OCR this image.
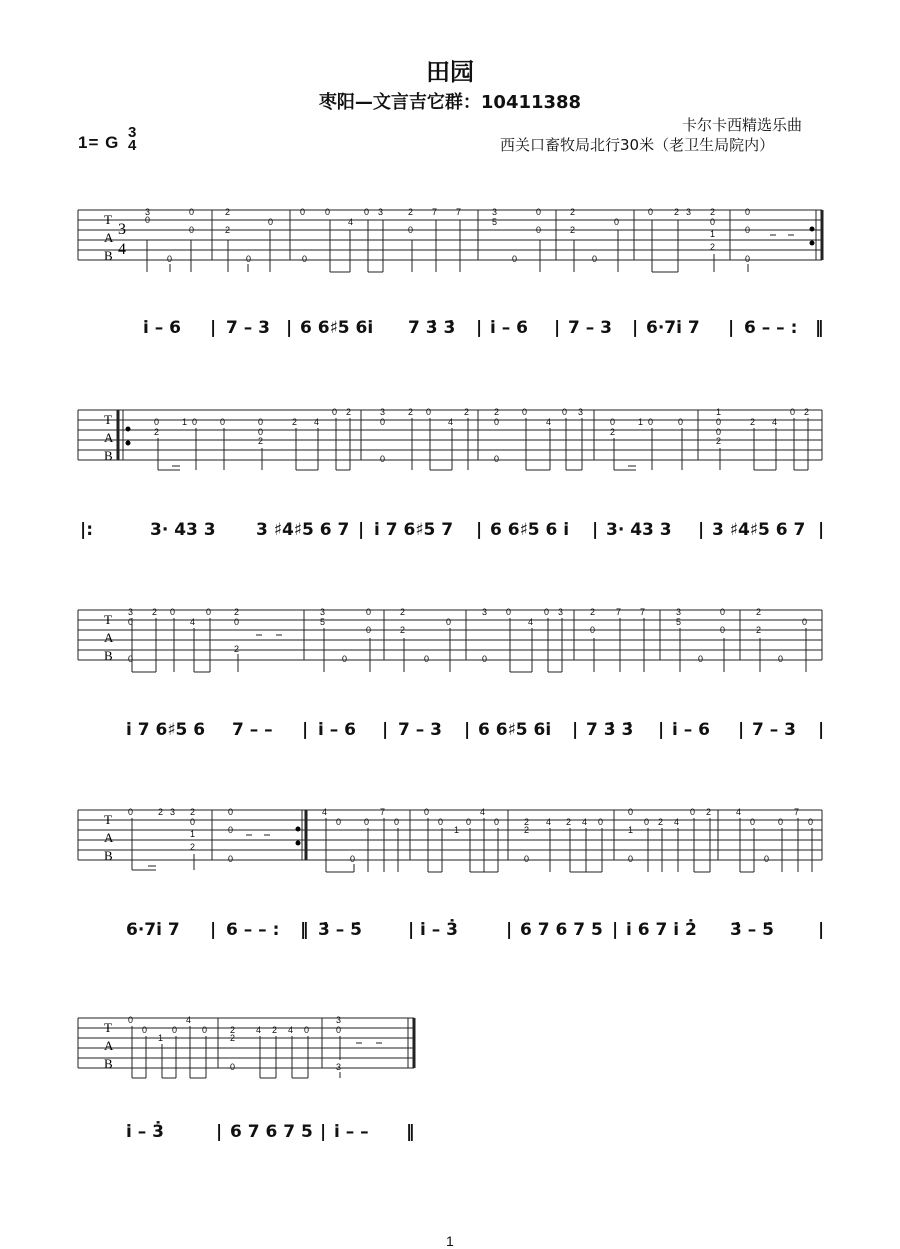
田园
枣阳—文言吉它群：10411388
1= G
3
4
卡尔卡西精选乐曲
西关口畜牧局北行30米（老卫生局院内）
T
A
B
3
0
0
0
0
2
2
0
0
0 0
4
0 3
0
2
0
7 7	3
5
0
0
0
2
2
0
0
0 2 3 2
0
1
2
0
0
0
3
4
i̇ – 6 | 7 – 3 | 6 6♯5 6i̇ 7 3̇ 3̇ | i̇ – 6 | 7 – 3 | 6·7i̇ 7 | 6 – – : ‖
T
A
B
0
2
1 0	0	0
0
2
2 4
0 2	3
0
2 0
4
2
0
2
0
0
4
0 3
0
0
2
1 0	0
1
0
0
2
2 4
0 2
|:	3· 43 3 3 ♯4♯5 6 7 | i̇ 7 6♯5 7 | 6 6♯5 6 i̇ | 3· 43 3 | 3 ♯4♯5 6 7 |
T
A
B
3
0
2 0
4
0
0
2
0
2
3
5
0
0
0
2
2
0
0
3 0
4
0 3
0
2
0
7 7	3
5
0
0
0
2
2
0
0
i̇ 7 6♯5 6 7 – – | i̇ – 6 | 7 – 3 | 6 6♯5 6i̇ | 7 3̇ 3̇ | i̇ – 6 | 7 – 3 |
T
A
B
0	2 3 2
0
1
2
0
0
0
4
0	0
7
0
0
0
0
1
0
4
0	2
2
4 2 4 0
0
0
1
0 2 4
0 2
0
4
0	0
7
0
0
6·7i̇ 7 | 6 – – : ‖ 3̇ – 5̇	| i̇ – 3̇	| 6 7 6 7 5 | i̇ 6 7 i̇ 2̇ 3̇ – 5̇	|
T
A
B
0
0
1
0
4
0	2
2
4 2 4 0
0
3
0
3
i̇ – 3̇	| 6 7 6 7 5 | i̇ – – ‖
1
